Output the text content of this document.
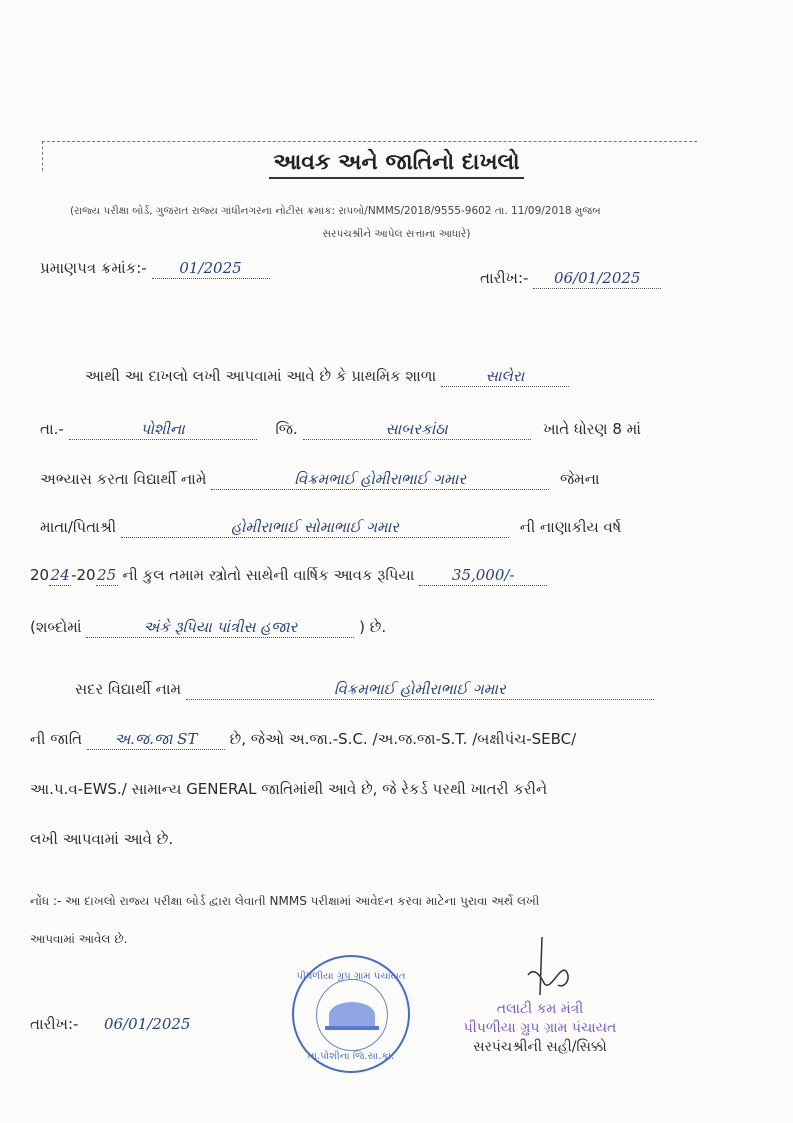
આવક અને જાતિનો દાખલો
(રાજ્ય પરીક્ષા બોર્ડ, ગુજરાત રાજ્ય ગાંધીનગરના નોટીસ ક્રમાંક: રાપબો/NMMS/2018/9555-9602 તા. 11/09/2018 મુજબ
સરપંચશ્રીને આપેલ સત્તાના આધારે)
પ્રમાણપત્ર ક્રમાંક:- 01/2025
તારીખ:- 06/01/2025
આથી આ દાખલો લખી આપવામાં આવે છે કે પ્રાથમિક શાળા	સાલેરા
તા.-	પોશીના	જિ.	સાબરકાંઠા	ખાતે ધોરણ 8 માં
અભ્યાસ કરતા વિદ્યાર્થી નામે	વિક્રમભાઈ હોમીરાભાઈ ગમાર	જેમના
માતા/પિતાશ્રી	હોમીરાભાઈ સોમાભાઈ ગમાર	ની નાણાકીય વર્ષ
2024-2025 ની કુલ તમામ સ્ત્રોતો સાથેની વાર્ષિક આવક રૂપિયા 35,000/-
(શબ્દોમાં	અંકે રૂપિયા પાંત્રીસ હજાર	) છે.
સદર વિદ્યાર્થી નામ	વિક્રમભાઈ હોમીરાભાઈ ગમાર
ની જાતિ અ.જ.જા ST છે, જેઓ અ.જા.-S.C. /અ.જ.જા-S.T. /બક્ષીપંચ-SEBC/
આ.પ.વ-EWS./ સામાન્ય GENERAL જાતિમાંથી આવે છે, જે રેકર્ડ પરથી ખાતરી કરીને
લખી આપવામાં આવે છે.
નોંધ :- આ દાખલો રાજ્ય પરીક્ષા બોર્ડ દ્વારા લેવાતી NMMS પરીક્ષામાં આવેદન કરવા માટેના પુરાવા અર્થે લખી
આપવામાં આવેલ છે.
પીપળીયા ગ્રુપ ગ્રામ પંચાયત
તા.પોશીના જિ.સા.કાં.
તલાટી કમ મંત્રી
પીપળીયા ગ્રુપ ગ્રામ પંચાયત
સરપંચશ્રીની સહી/સિક્કો
તારીખ:- 06/01/2025
